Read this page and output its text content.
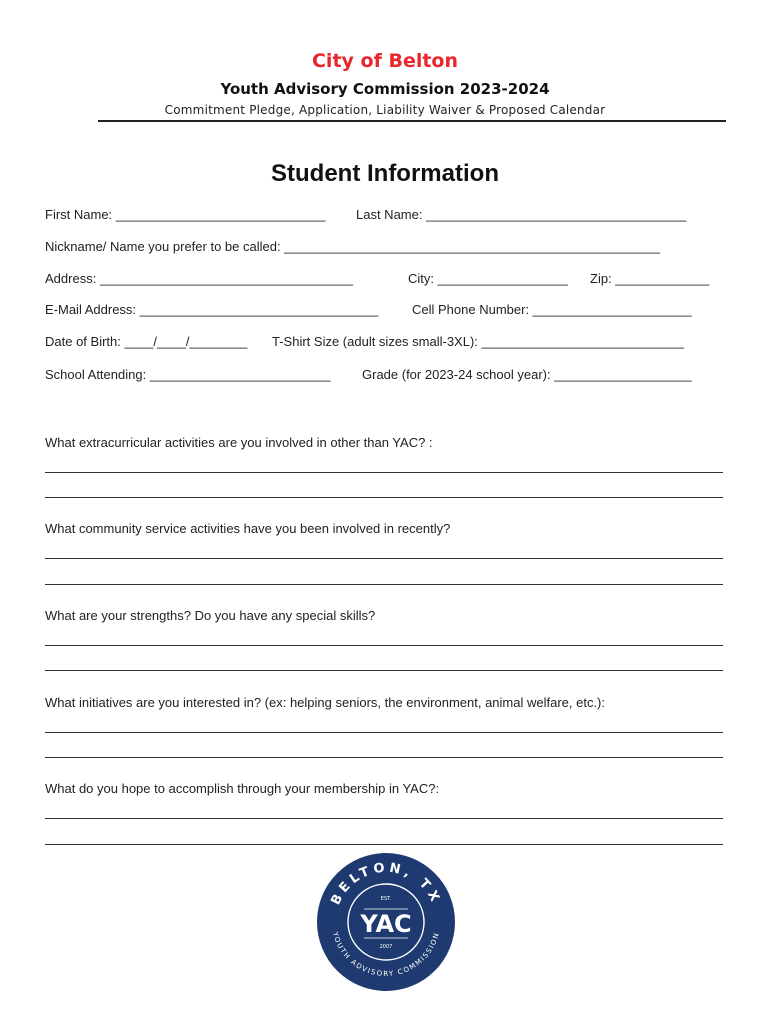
City of Belton
Youth Advisory Commission 2023-2024
Commitment Pledge, Application, Liability Waiver & Proposed Calendar
Student Information
First Name: _____________________________ Last Name: ____________________________________
Nickname/ Name you prefer to be called: ____________________________________________________
Address: ___________________________________	City: __________________ Zip: _____________
E-Mail Address: _________________________________	Cell Phone Number: ______________________
Date of Birth: ____/____/________ T-Shirt Size (adult sizes small-3XL): ____________________________
School Attending: _________________________ Grade (for 2023-24 school year): ___________________
What extracurricular activities are you involved in other than YAC? :
What community service activities have you been involved in recently?
What are your strengths? Do you have any special skills?
What initiatives are you interested in? (ex: helping seniors, the environment, animal welfare, etc.):
What do you hope to accomplish through your membership in YAC?:
BELTON, TX
YOUTH ADVISORY COMMISSION
EST.
YAC
2007
